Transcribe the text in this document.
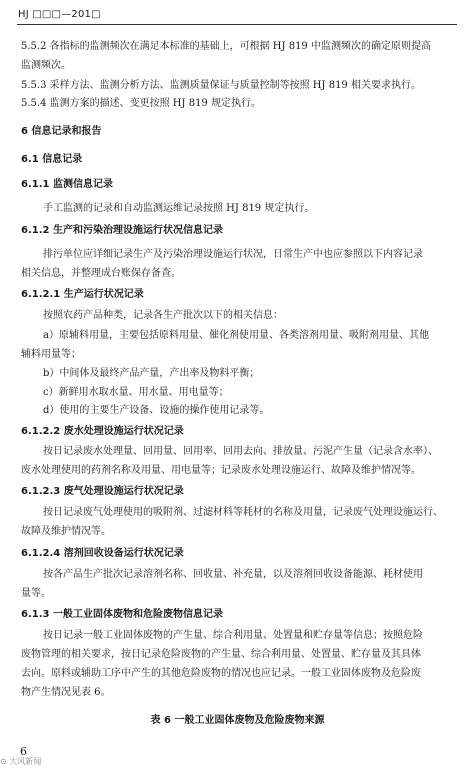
HJ □□□—201□
5.5.2 各指标的监测频次在满足本标准的基础上，可根据 HJ 819 中监测频次的确定原则提高
监测频次。
5.5.3 采样方法、监测分析方法、监测质量保证与质量控制等按照 HJ 819 相关要求执行。
5.5.4 监测方案的描述、变更按照 HJ 819 规定执行。
6 信息记录和报告
6.1 信息记录
6.1.1 监测信息记录
手工监测的记录和自动监测运维记录按照 HJ 819 规定执行。
6.1.2 生产和污染治理设施运行状况信息记录
排污单位应详细记录生产及污染治理设施运行状况，日常生产中也应参照以下内容记录
相关信息，并整理成台账保存备查。
6.1.2.1 生产运行状况记录
按照农药产品种类，记录各生产批次以下的相关信息：
a）原辅料用量，主要包括原料用量、催化剂使用量、各类溶剂用量、吸附剂用量、其他
辅料用量等；
b）中间体及最终产品产量，产出率及物料平衡；
c）新鲜用水取水量、用水量、用电量等；
d）使用的主要生产设备、设施的操作使用记录等。
6.1.2.2 废水处理设施运行状况记录
按日记录废水处理量、回用量、回用率、回用去向、排放量、污泥产生量（记录含水率）、
废水处理使用的药剂名称及用量、用电量等；记录废水处理设施运行、故障及维护情况等。
6.1.2.3 废气处理设施运行状况记录
按日记录废气处理使用的吸附剂、过滤材料等耗材的名称及用量，记录废气处理设施运行、
故障及维护情况等。
6.1.2.4 溶剂回收设备运行状况记录
按各产品生产批次记录溶剂名称、回收量、补充量，以及溶剂回收设备能源、耗材使用
量等。
6.1.3 一般工业固体废物和危险废物信息记录
按日记录一般工业固体废物的产生量、综合利用量、处置量和贮存量等信息；按照危险
废物管理的相关要求，按日记录危险废物的产生量、综合利用量、处置量、贮存量及其具体
去向。原料或辅助工序中产生的其他危险废物的情况也应记录。一般工业固体废物及危险废
物产生情况见表 6。
表 6 一般工业固体废物及危险废物来源
6
⊙ 大风新闻
